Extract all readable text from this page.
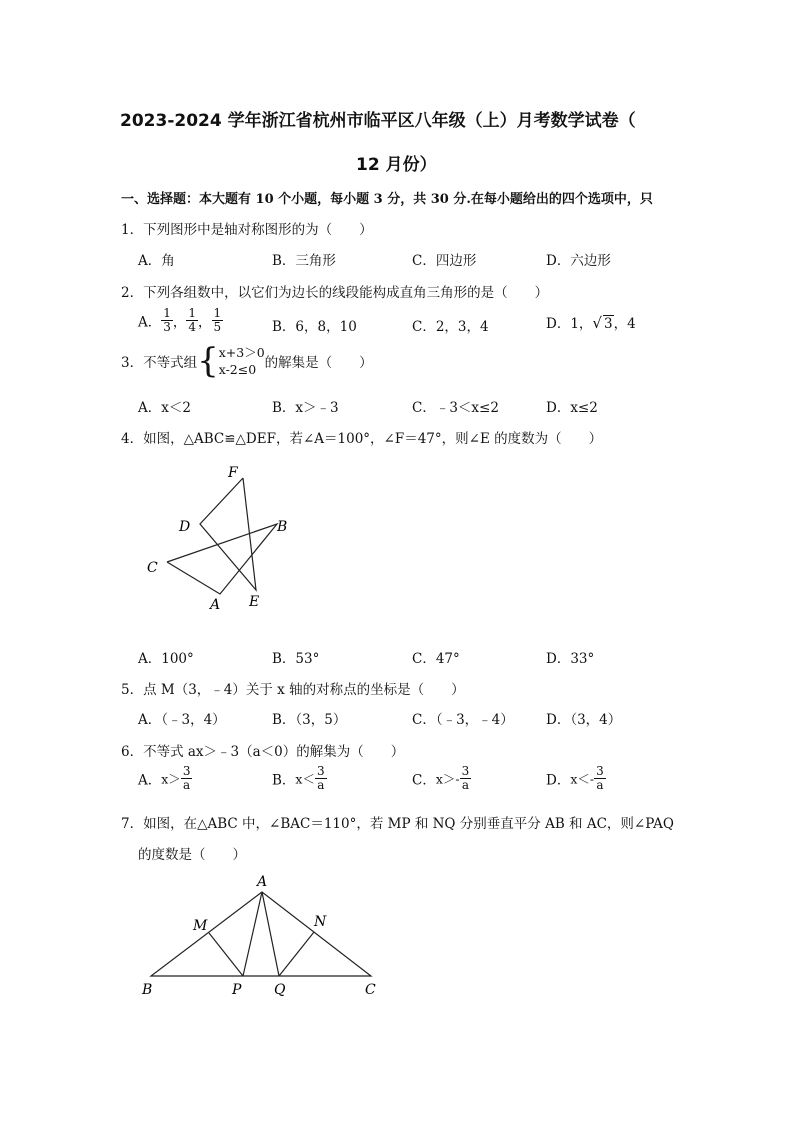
2023-2024 学年浙江省杭州市临平区八年级（上）月考数学试卷（
12 月份）
一、选择题：本大题有 10 个小题，每小题 3 分，共 30 分.在每小题给出的四个选项中，只
1．下列图形中是轴对称图形的为（　　）
A．角	B．三角形	C．四边形	D．六边形
2．下列各组数中，以它们为边长的线段能构成直角三角形的是（　　）
A． $\frac{1}{3}$ ， $\frac{1}{4}$ ， $\frac{1}{5}$	B．6，8，10	C．2，3，4	D．1，√ 3，4
3．不等式组{ x+3＞0
x-2≤0 的解集是（　　）
A．x＜2	B．x＞﹣3	C．﹣3＜x≤2	D．x≤2
4．如图，△ABC≌△DEF，若∠A＝100°，∠F＝47°，则∠E 的度数为（　　）
F
D	B
C
A E
A．100°	B．53°	C．47°	D．33°
5．点 M（3，﹣4）关于 x 轴的对称点的坐标是（　　）
A．（﹣3，4）	B．（3，5）	C．（﹣3，﹣4） D．（3，4）
6．不等式 ax＞﹣3（a＜0）的解集为（　　）
A．$x> \frac{3}{a}$	B．$x< \frac{3}{a}$	C．$x>- \frac{3}{a}$	D．$x<- \frac{3}{a}$
7．如图，在△ABC 中，∠BAC＝110°，若 MP 和 NQ 分别垂直平分 AB 和 AC，则∠PAQ
的度数是（　　）
A
M	N
B	P Q	C
